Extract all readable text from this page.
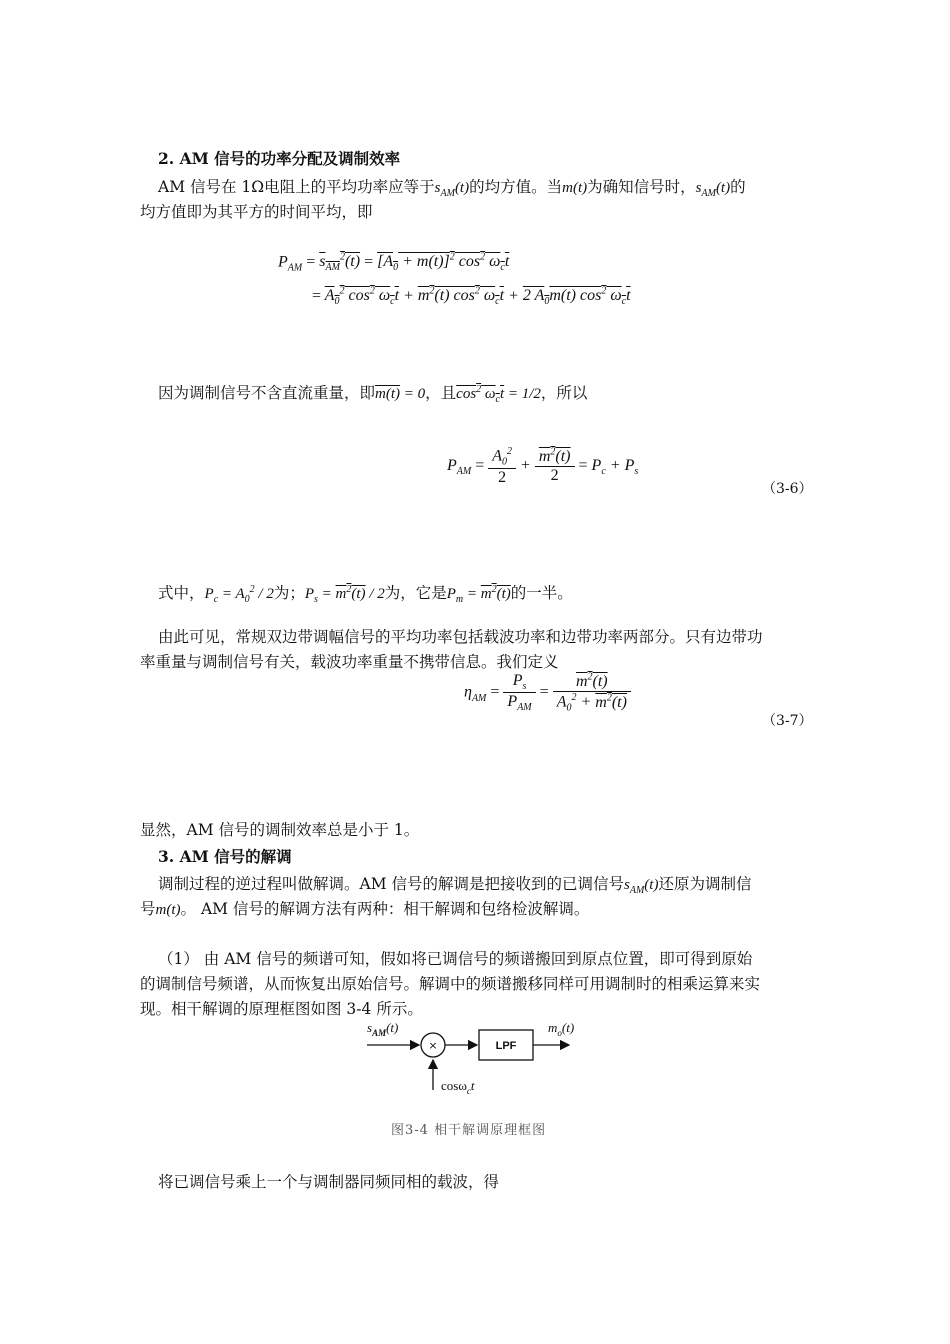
2. AM 信号的功率分配及调制效率
AM 信号在 1Ω电阻上的平均功率应等于$s_{AM}(t)$的均方值。当m(t)为确知信号时，$s_{AM}(t)$的
均方值即为其平方的时间平均，即
$P_{AM} = s_{AM}^2(t) = [A_0 + m(t)]^2$ $\cos^2 \omega_ct$
= $A_0^2$ $\cos^2 \omega_ct + m^2(t)$ $\cos^2 \omega_ct + 2$ $A_0m(t)$ $\cos^2 \omega_ct$
因为调制信号不含直流重量，即m(t) = 0，且$\cos^2 \omega_ct = 1/2$，所以
$P_{AM} = \frac{A_0^2}{2} + \frac{m^2(t)}{2} = P_c + P_s$
（3-6）
式中，$P_c = A_0^2 / 2$为；$P_s = m^2(t) / 2$为，它是$P_m = m^2(t)$的一半。
由此可见，常规双边带调幅信号的平均功率包括载波功率和边带功率两部分。只有边带功
率重量与调制信号有关，载波功率重量不携带信息。我们定义
$\eta_{AM} = \frac{P_s}{P_{AM}} = \frac{m^2(t)}{A_0^2 + m^2(t)}$
（3-7）
显然，AM 信号的调制效率总是小于 1。
3. AM 信号的解调
调制过程的逆过程叫做解调。AM 信号的解调是把接收到的已调信号$s_{AM}(t)$还原为调制信
号m(t)。 AM 信号的解调方法有两种：相干解调和包络检波解调。
（1） 由 AM 信号的频谱可知，假如将已调信号的频谱搬回到原点位置，即可得到原始
的调制信号频谱，从而恢复出原始信号。解调中的频谱搬移同样可用调制时的相乘运算来实
现。相干解调的原理框图如图 3-4 所示。
$s_{AM}(t)$
×	LPF
$m_o(t)$
cosω$_c$t
图3-4 相干解调原理框图
将已调信号乘上一个与调制器同频同相的载波，得
